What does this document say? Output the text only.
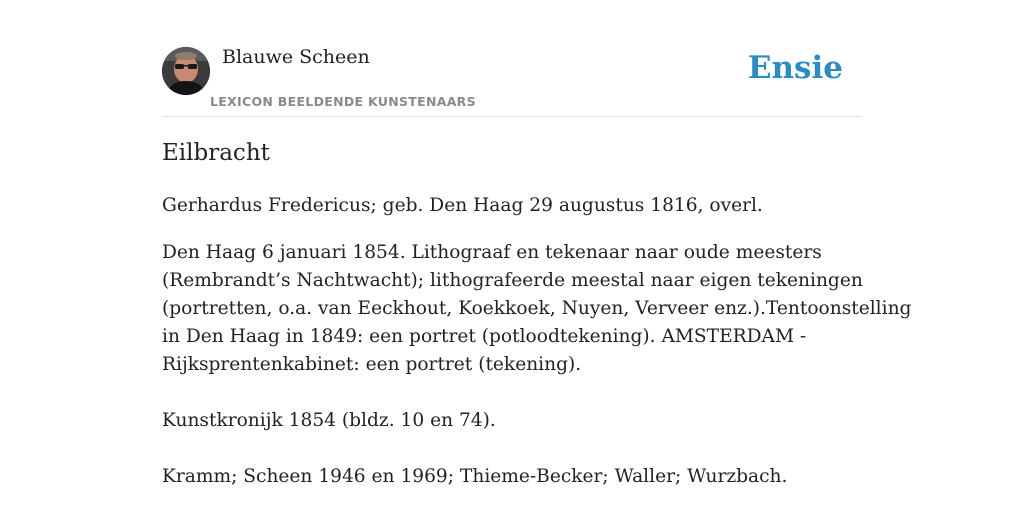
Blauwe Scheen
LEXICON BEELDENDE KUNSTENAARS
Ensie
Eilbracht

Gerhardus Fredericus; geb. Den Haag 29 augustus 1816, overl.

Den Haag 6 januari 1854. Lithograaf en tekenaar naar oude meesters
(Rembrandt’s Nachtwacht); lithografeerde meestal naar eigen tekeningen
(portretten, o.a. van Eeckhout, Koekkoek, Nuyen, Verveer enz.).Tentoonstelling
in Den Haag in 1849: een portret (potloodtekening). AMSTERDAM -
Rijksprentenkabinet: een portret (tekening).
Kunstkronijk 1854 (bldz. 10 en 74).
Kramm; Scheen 1946 en 1969; Thieme-Becker; Waller; Wurzbach.
